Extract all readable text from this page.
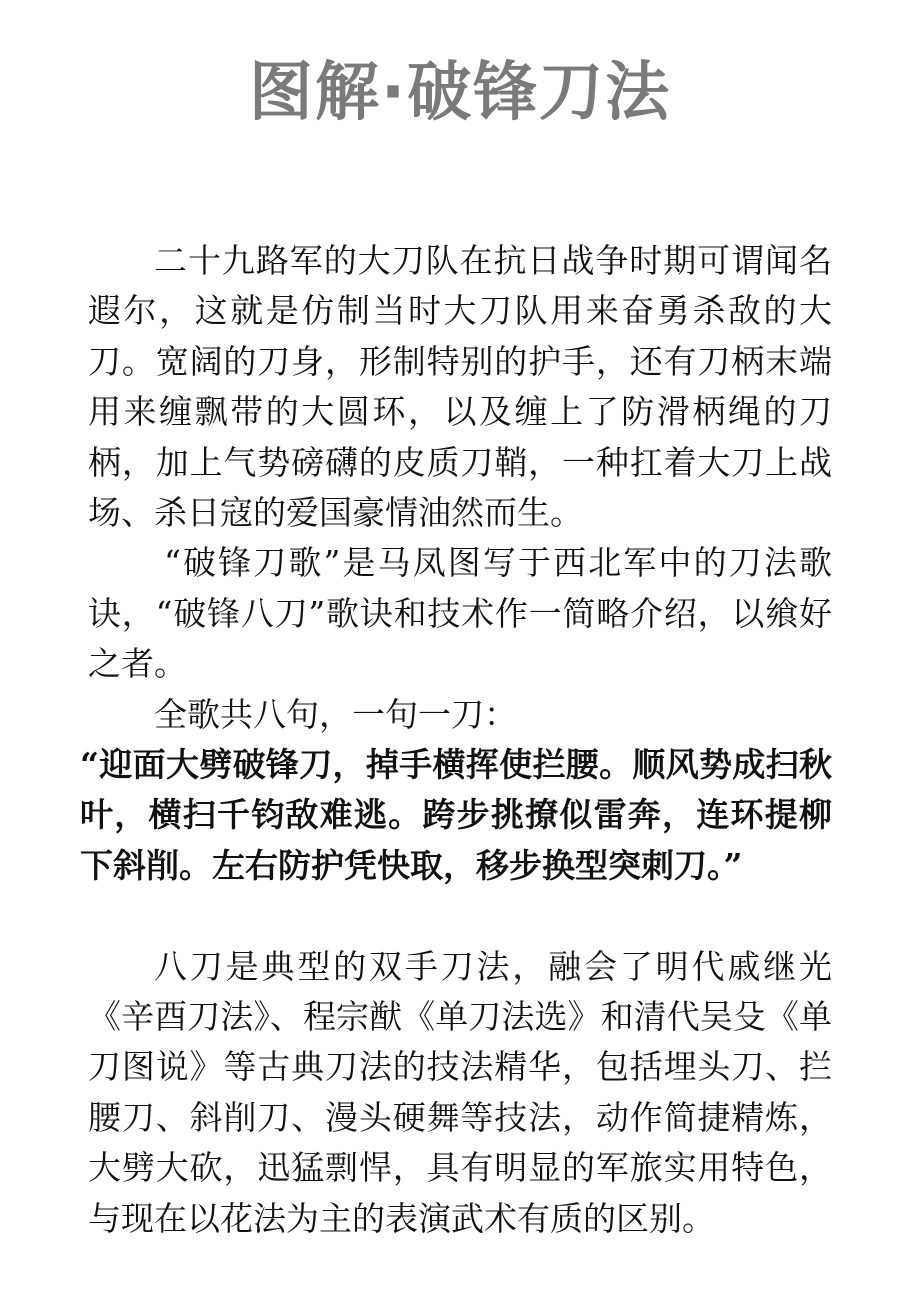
图解·破锋刀法

二十九路军的大刀队在抗日战争时期可谓闻名遐尔，这就是仿制当时大刀队用来奋勇杀敌的大刀。宽阔的刀身，形制特别的护手，还有刀柄末端用来缠飘带的大圆环，以及缠上了防滑柄绳的刀柄，加上气势磅礴的皮质刀鞘，一种扛着大刀上战场、杀日寇的爱国豪情油然而生。

“破锋刀歌”是马凤图写于西北军中的刀法歌诀，“破锋八刀”歌诀和技术作一简略介绍，以飨好之者。

全歌共八句，一句一刀：

“迎面大劈破锋刀，掉手横挥使拦腰。顺风势成扫秋叶，横扫千钧敌难逃。跨步挑撩似雷奔，连环提柳下斜削。左右防护凭快取，移步换型突刺刀。”

八刀是典型的双手刀法，融会了明代戚继光《辛酉刀法》、程宗猷《单刀法选》和清代吴殳《单刀图说》等古典刀法的技法精华，包括埋头刀、拦腰刀、斜削刀、漫头硬舞等技法，动作简捷精炼，大劈大砍，迅猛剽悍，具有明显的军旅实用特色，与现在以花法为主的表演武术有质的区别。
